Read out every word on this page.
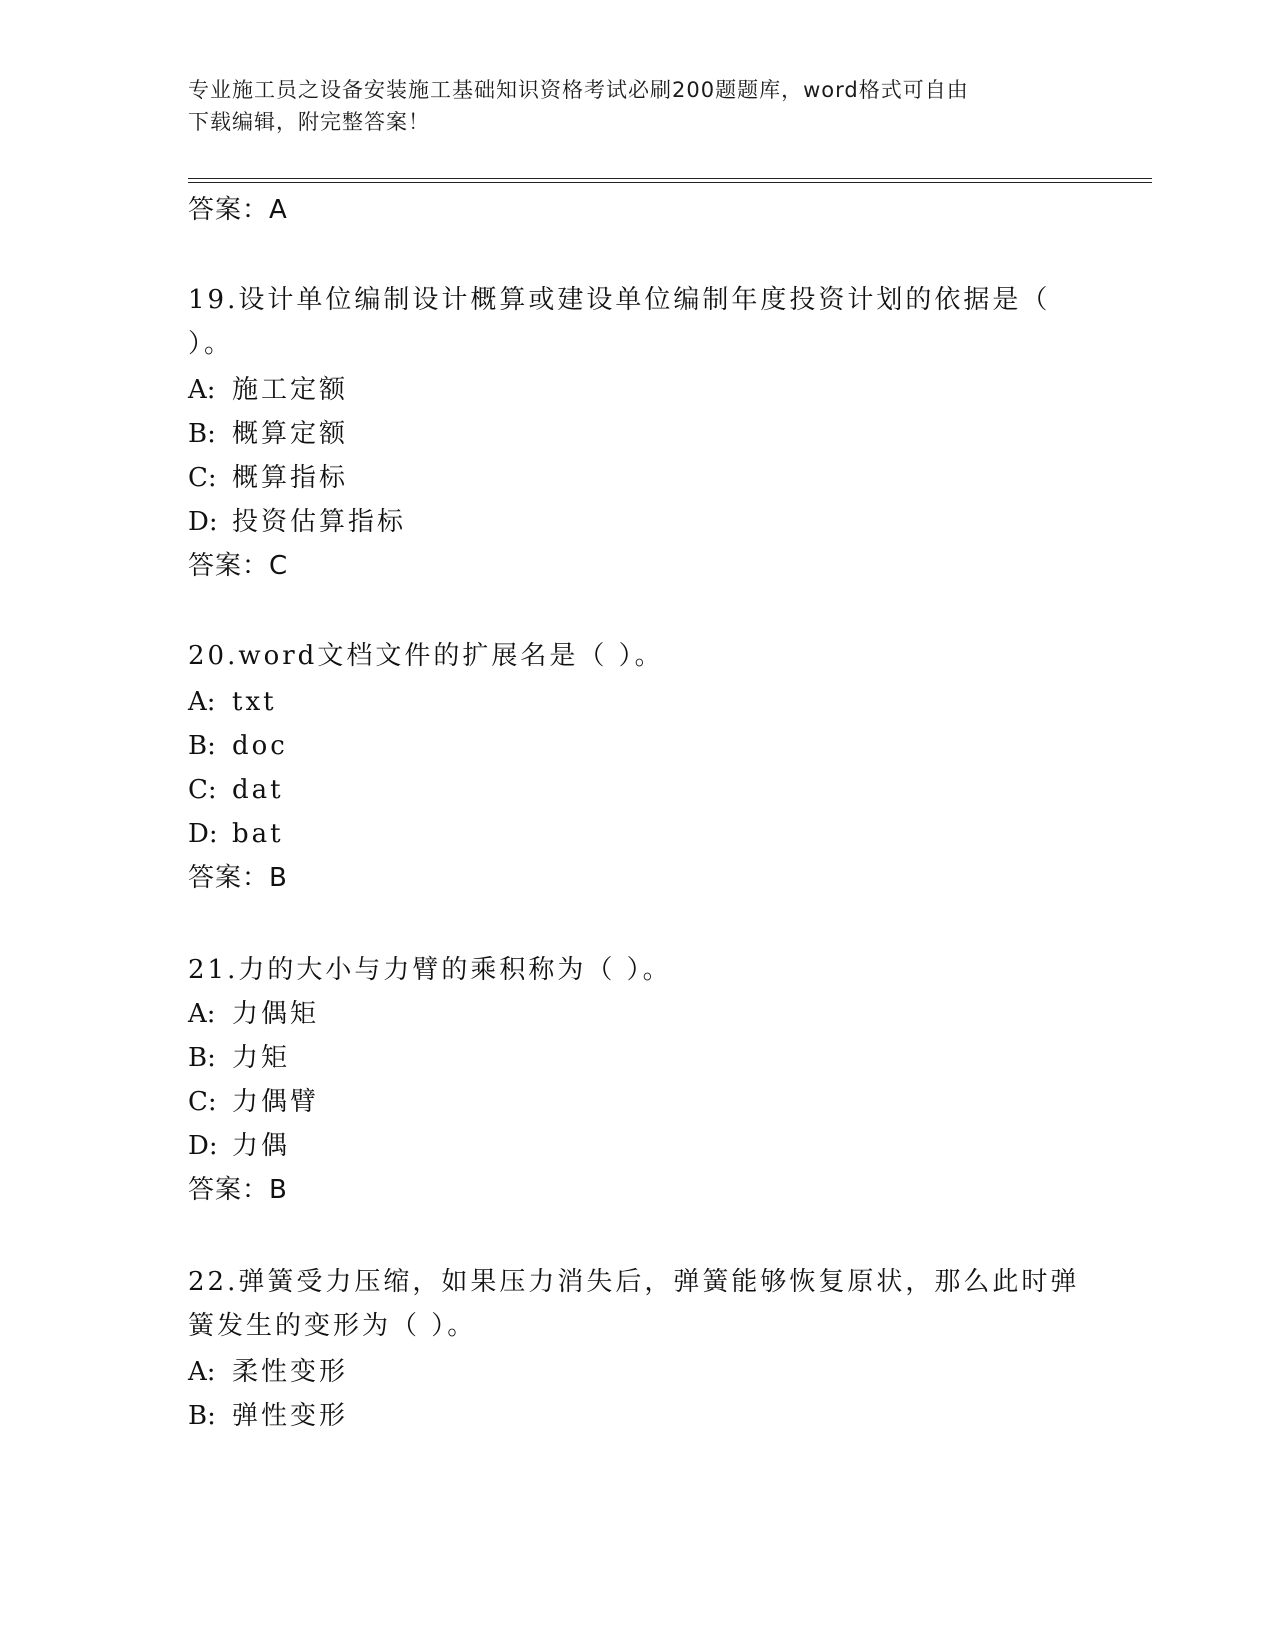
专业施工员之设备安装施工基础知识资格考试必刷200题题库，word格式可自由
下载编辑，附完整答案！
答案：A
19.设计单位编制设计概算或建设单位编制年度投资计划的依据是（
）。
A: 施工定额
B: 概算定额
C: 概算指标
D: 投资估算指标
答案：C
20.word文档文件的扩展名是（ ）。
A: txt
B: doc
C: dat
D: bat
答案：B
21.力的大小与力臂的乘积称为（ ）。
A: 力偶矩
B: 力矩
C: 力偶臂
D: 力偶
答案：B
22.弹簧受力压缩，如果压力消失后，弹簧能够恢复原状，那么此时弹
簧发生的变形为（ ）。
A: 柔性变形
B: 弹性变形
